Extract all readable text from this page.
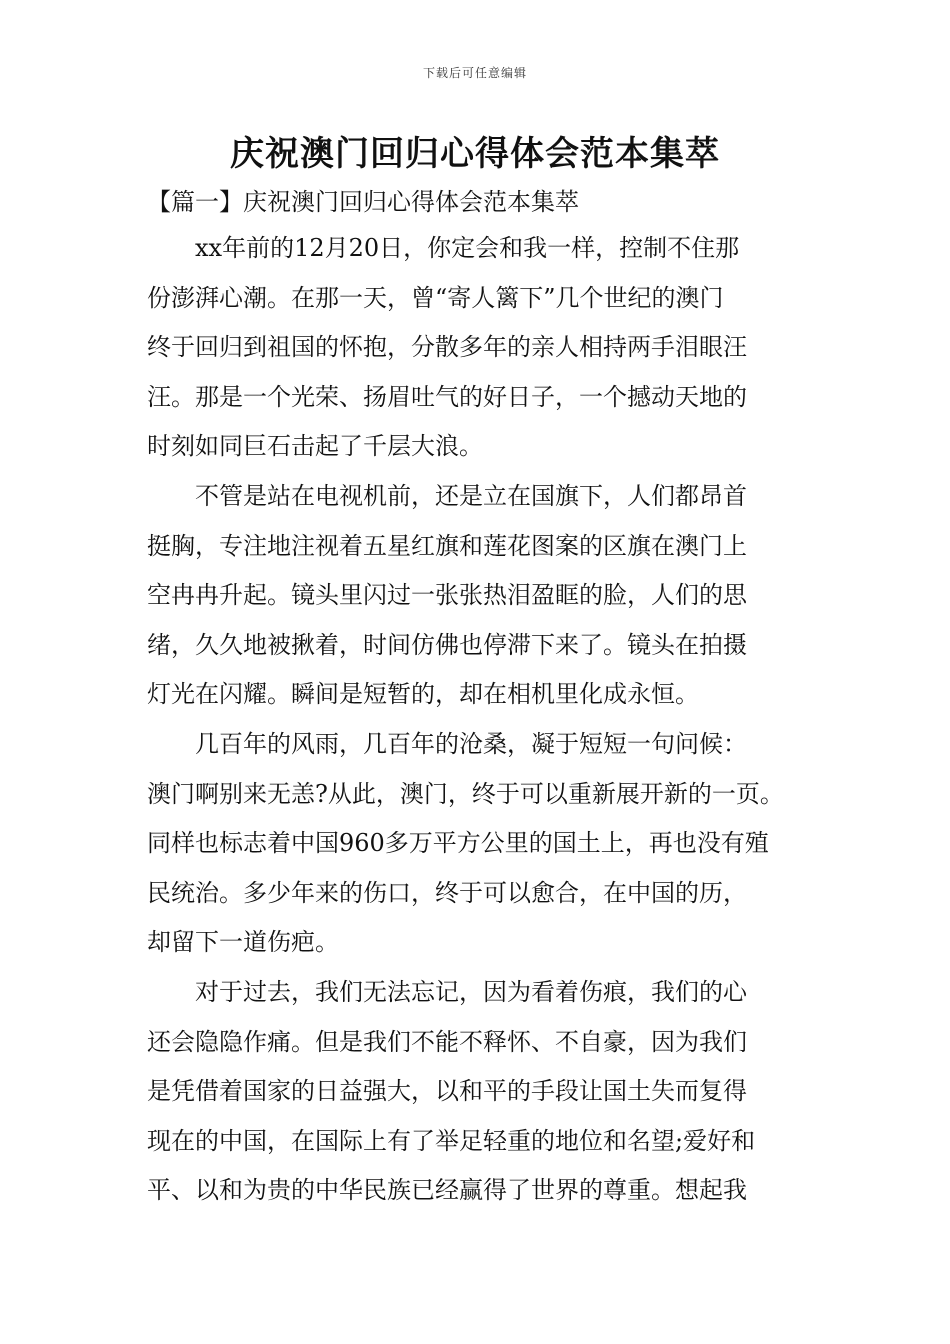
下载后可任意编辑
庆祝澳门回归心得体会范本集萃
【篇一】庆祝澳门回归心得体会范本集萃
　　xx年前的12月20日，你定会和我一样，控制不住那
份澎湃心潮。在那一天，曾“寄人篱下”几个世纪的澳门
终于回归到祖国的怀抱，分散多年的亲人相持两手泪眼汪
汪。那是一个光荣、扬眉吐气的好日子，一个撼动天地的
时刻如同巨石击起了千层大浪。
　　不管是站在电视机前，还是立在国旗下，人们都昂首
挺胸，专注地注视着五星红旗和莲花图案的区旗在澳门上
空冉冉升起。镜头里闪过一张张热泪盈眶的脸，人们的思
绪，久久地被揪着，时间仿佛也停滞下来了。镜头在拍摄
灯光在闪耀。瞬间是短暂的，却在相机里化成永恒。
　　几百年的风雨，几百年的沧桑，凝于短短一句问候：
澳门啊别来无恙?从此，澳门，终于可以重新展开新的一页。
同样也标志着中国960多万平方公里的国土上，再也没有殖
民统治。多少年来的伤口，终于可以愈合，在中国的历，
却留下一道伤疤。
　　对于过去，我们无法忘记，因为看着伤痕，我们的心
还会隐隐作痛。但是我们不能不释怀、不自豪，因为我们
是凭借着国家的日益强大，以和平的手段让国土失而复得
现在的中国，在国际上有了举足轻重的地位和名望;爱好和
平、以和为贵的中华民族已经赢得了世界的尊重。想起我
